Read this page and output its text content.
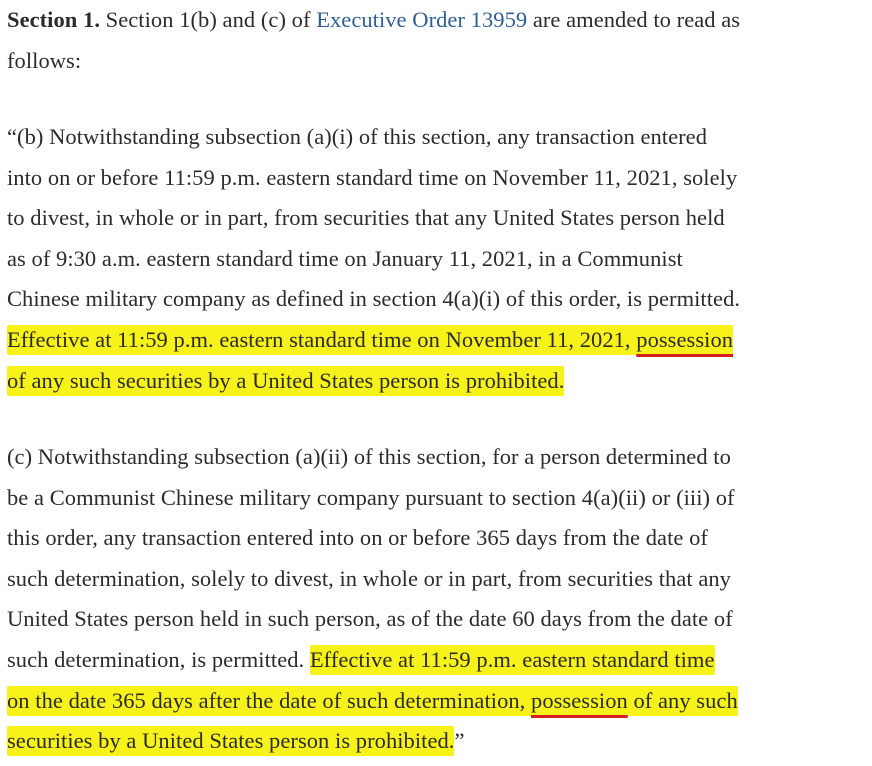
Section 1. Section 1(b) and (c) of Executive Order 13959 are amended to read as
follows:

“(b) Notwithstanding subsection (a)(i) of this section, any transaction entered
into on or before 11:59 p.m. eastern standard time on November 11, 2021, solely
to divest, in whole or in part, from securities that any United States person held
as of 9:30 a.m. eastern standard time on January 11, 2021, in a Communist
Chinese military company as defined in section 4(a)(i) of this order, is permitted.
Effective at 11:59 p.m. eastern standard time on November 11, 2021, possession
of any such securities by a United States person is prohibited.

(c) Notwithstanding subsection (a)(ii) of this section, for a person determined to
be a Communist Chinese military company pursuant to section 4(a)(ii) or (iii) of
this order, any transaction entered into on or before 365 days from the date of
such determination, solely to divest, in whole or in part, from securities that any
United States person held in such person, as of the date 60 days from the date of
such determination, is permitted. Effective at 11:59 p.m. eastern standard time
on the date 365 days after the date of such determination, possession of any such
securities by a United States person is prohibited.”
